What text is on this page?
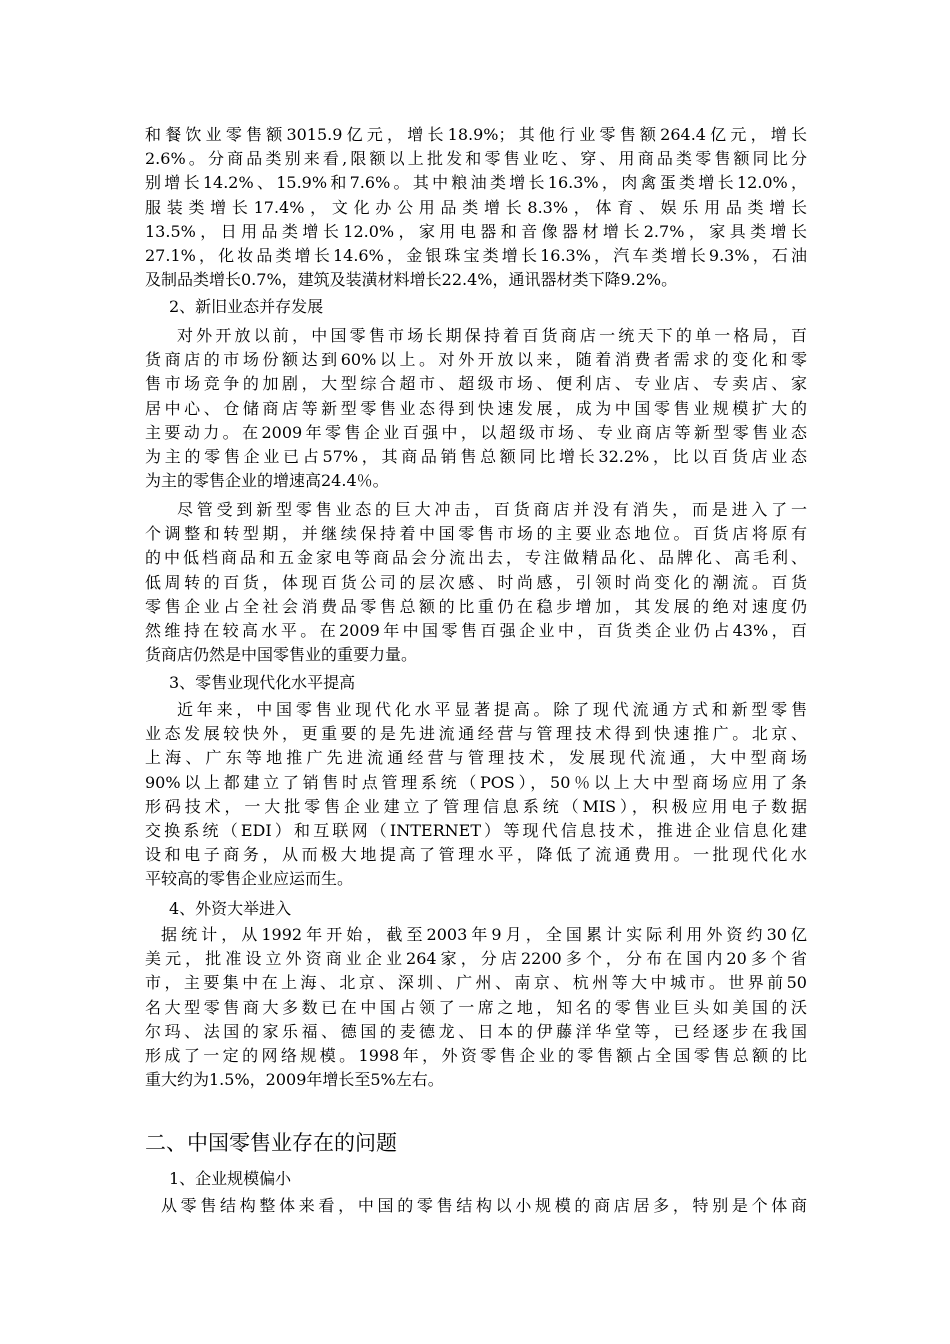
和餐饮业零售额3015.9亿元，增长18.9%；其他行业零售额264.4亿元，增长
2.6%。分商品类别来看,限额以上批发和零售业吃、穿、用商品类零售额同比分
别增长14.2%、15.9%和7.6%。其中粮油类增长16.3%，肉禽蛋类增长12.0%，
服装类增长17.4%，文化办公用品类增长8.3%，体育、娱乐用品类增长
13.5%，日用品类增长12.0%，家用电器和音像器材增长2.7%，家具类增长
27.1%，化妆品类增长14.6%，金银珠宝类增长16.3%，汽车类增长9.3%，石油
及制品类增长0.7%，建筑及装潢材料增长22.4%，通讯器材类下降9.2%。
2、新旧业态并存发展
对外开放以前，中国零售市场长期保持着百货商店一统天下的单一格局，百
货商店的市场份额达到60%以上。对外开放以来，随着消费者需求的变化和零
售市场竞争的加剧，大型综合超市、超级市场、便利店、专业店、专卖店、家
居中心、仓储商店等新型零售业态得到快速发展，成为中国零售业规模扩大的
主要动力。在2009年零售企业百强中，以超级市场、专业商店等新型零售业态
为主的零售企业已占57%，其商品销售总额同比增长32.2%，比以百货店业态
为主的零售企业的增速高24.4％。
尽管受到新型零售业态的巨大冲击，百货商店并没有消失，而是进入了一
个调整和转型期，并继续保持着中国零售市场的主要业态地位。百货店将原有
的中低档商品和五金家电等商品会分流出去，专注做精品化、品牌化、高毛利、
低周转的百货，体现百货公司的层次感、时尚感，引领时尚变化的潮流。百货
零售企业占全社会消费品零售总额的比重仍在稳步增加，其发展的绝对速度仍
然维持在较高水平。在2009年中国零售百强企业中，百货类企业仍占43%，百
货商店仍然是中国零售业的重要力量。
3、零售业现代化水平提高
近年来，中国零售业现代化水平显著提高。除了现代流通方式和新型零售
业态发展较快外，更重要的是先进流通经营与管理技术得到快速推广。北京、
上海、广东等地推广先进流通经营与管理技术，发展现代流通，大中型商场
90%以上都建立了销售时点管理系统（POS），50％以上大中型商场应用了条
形码技术，一大批零售企业建立了管理信息系统（MIS），积极应用电子数据
交换系统（EDI）和互联网（INTERNET）等现代信息技术，推进企业信息化建
设和电子商务，从而极大地提高了管理水平，降低了流通费用。一批现代化水
平较高的零售企业应运而生。
4、外资大举进入
据统计，从1992年开始，截至2003年9月，全国累计实际利用外资约30亿
美元，批准设立外资商业企业264家，分店2200多个，分布在国内20多个省
市，主要集中在上海、北京、深圳、广州、南京、杭州等大中城市。世界前50
名大型零售商大多数已在中国占领了一席之地，知名的零售业巨头如美国的沃
尔玛、法国的家乐福、德国的麦德龙、日本的伊藤洋华堂等，已经逐步在我国
形成了一定的网络规模。1998年，外资零售企业的零售额占全国零售总额的比
重大约为1.5%，2009年增长至5%左右。
二、中国零售业存在的问题
1、企业规模偏小
从零售结构整体来看，中国的零售结构以小规模的商店居多，特别是个体商
